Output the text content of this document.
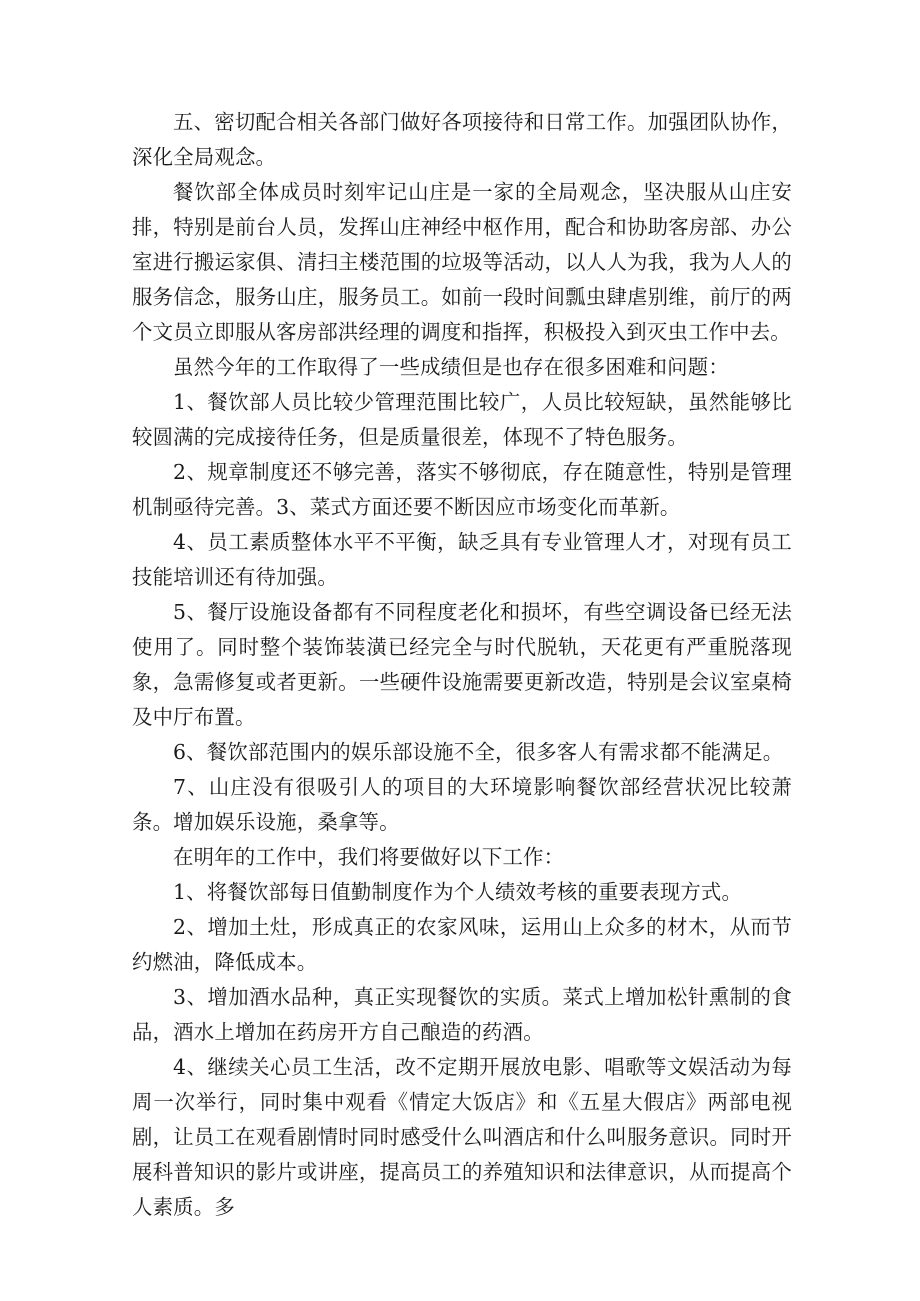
五、密切配合相关各部门做好各项接待和日常工作。加强团队协作，深化全局观念。

餐饮部全体成员时刻牢记山庄是一家的全局观念，坚决服从山庄安排，特别是前台人员，发挥山庄神经中枢作用，配合和协助客房部、办公室进行搬运家俱、清扫主楼范围的垃圾等活动，以人人为我，我为人人的服务信念，服务山庄，服务员工。如前一段时间瓢虫肆虐别维，前厅的两个文员立即服从客房部洪经理的调度和指挥，积极投入到灭虫工作中去。

虽然今年的工作取得了一些成绩但是也存在很多困难和问题：

1、餐饮部人员比较少管理范围比较广，人员比较短缺，虽然能够比较圆满的完成接待任务，但是质量很差，体现不了特色服务。

2、规章制度还不够完善，落实不够彻底，存在随意性，特别是管理机制亟待完善。3、菜式方面还要不断因应市场变化而革新。

4、员工素质整体水平不平衡，缺乏具有专业管理人才，对现有员工技能培训还有待加强。

5、餐厅设施设备都有不同程度老化和损坏，有些空调设备已经无法使用了。同时整个装饰装潢已经完全与时代脱轨，天花更有严重脱落现象，急需修复或者更新。一些硬件设施需要更新改造，特别是会议室桌椅及中厅布置。

6、餐饮部范围内的娱乐部设施不全，很多客人有需求都不能满足。

7、山庄没有很吸引人的项目的大环境影响餐饮部经营状况比较萧条。增加娱乐设施，桑拿等。

在明年的工作中，我们将要做好以下工作：

1、将餐饮部每日值勤制度作为个人绩效考核的重要表现方式。

2、增加土灶，形成真正的农家风味，运用山上众多的材木，从而节约燃油，降低成本。

3、增加酒水品种，真正实现餐饮的实质。菜式上增加松针熏制的食品，酒水上增加在药房开方自己酿造的药酒。

4、继续关心员工生活，改不定期开展放电影、唱歌等文娱活动为每周一次举行，同时集中观看《情定大饭店》和《五星大假店》两部电视剧，让员工在观看剧情时同时感受什么叫酒店和什么叫服务意识。同时开展科普知识的影片或讲座，提高员工的养殖知识和法律意识，从而提高个人素质。多
